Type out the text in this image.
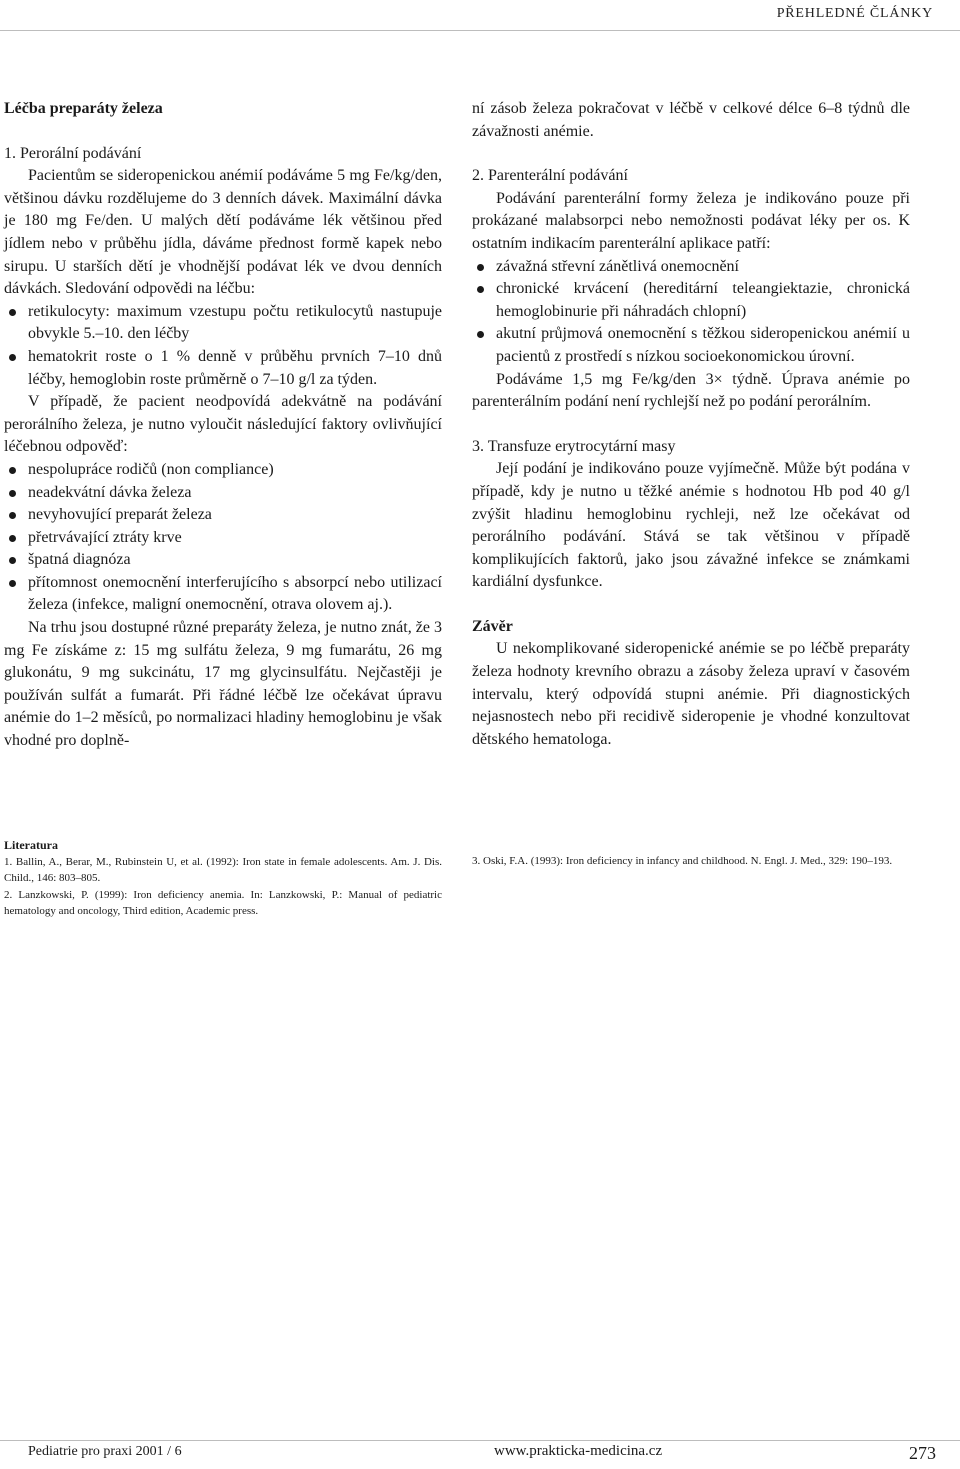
PŘEHLEDNÉ ČLÁNKY
Léčba preparáty železa

1. Perorální podávání

Pacientům se sideropenickou anémií podáváme 5 mg Fe/kg/den, většinou dávku rozdělujeme do 3 denních dávek. Maximální dávka je 180 mg Fe/den. U malých dětí podáváme lék většinou před jídlem nebo v průběhu jídla, dáváme přednost formě kapek nebo sirupu. U starších dětí je vhodnější podávat lék ve dvou denních dávkách. Sledování odpovědi na léčbu:

retikulocyty: maximum vzestupu počtu retikulocytů nastupuje obvykle 5.–10. den léčby
hematokrit roste o 1 % denně v průběhu prvních 7–10 dnů léčby, hemoglobin roste průměrně o 7–10 g/l za týden.

V případě, že pacient neodpovídá adekvátně na podávání perorálního železa, je nutno vyloučit následující faktory ovlivňující léčebnou odpověď:

nespolupráce rodičů (non compliance)
neadekvátní dávka železa
nevyhovující preparát železa
přetrvávající ztráty krve
špatná diagnóza
přítomnost onemocnění interferujícího s absorpcí nebo utilizací železa (infekce, maligní onemocnění, otrava olovem aj.).

Na trhu jsou dostupné různé preparáty železa, je nutno znát, že 3 mg Fe získáme z: 15 mg sulfátu železa, 9 mg fumarátu, 26 mg glukonátu, 9 mg sukcinátu, 17 mg glycinsulfátu. Nejčastěji je používán sulfát a fumarát. Při řádné léčbě lze očekávat úpravu anémie do 1–2 měsíců, po normalizaci hladiny hemoglobinu je však vhodné pro doplně-

ní zásob železa pokračovat v léčbě v celkové délce 6–8 týdnů dle závažnosti anémie.

2. Parenterální podávání

Podávání parenterální formy železa je indikováno pouze při prokázané malabsorpci nebo nemožnosti podávat léky per os. K ostatním indikacím parenterální aplikace patří:

závažná střevní zánětlivá onemocnění
chronické krvácení (hereditární teleangiektazie, chronická hemoglobinurie při náhradách chlopní)
akutní průjmová onemocnění s těžkou sideropenickou anémií u pacientů z prostředí s nízkou socioekonomickou úrovní.

Podáváme 1,5 mg Fe/kg/den 3× týdně. Úprava anémie po parenterálním podání není rychlejší než po podání perorálním.

3. Transfuze erytrocytární masy

Její podání je indikováno pouze vyjímečně. Může být podána v případě, kdy je nutno u těžké anémie s hodnotou Hb pod 40 g/l zvýšit hladinu hemoglobinu rychleji, než lze očekávat od perorálního podávání. Stává se tak většinou v případě komplikujících faktorů, jako jsou závažné infekce se známkami kardiální dysfunkce.

Závěr

U nekomplikované sideropenické anémie se po léčbě preparáty železa hodnoty krevního obrazu a zásoby železa upraví v časovém intervalu, který odpovídá stupni anémie. Při diagnostických nejasnostech nebo při recidivě sideropenie je vhodné konzultovat dětského hematologa.

Literatura

1. Ballin, A., Berar, M., Rubinstein U, et al. (1992): Iron state in female adolescents. Am. J. Dis. Child., 146: 803–805.

2. Lanzkowski, P. (1999): Iron deficiency anemia. In: Lanzkowski, P.: Manual of pediatric hematology and oncology, Third edition, Academic press.

3. Oski, F.A. (1993): Iron deficiency in infancy and childhood. N. Engl. J. Med., 329: 190–193.

Pediatrie pro praxi 2001 / 6	www.prakticka-medicina.cz	273
